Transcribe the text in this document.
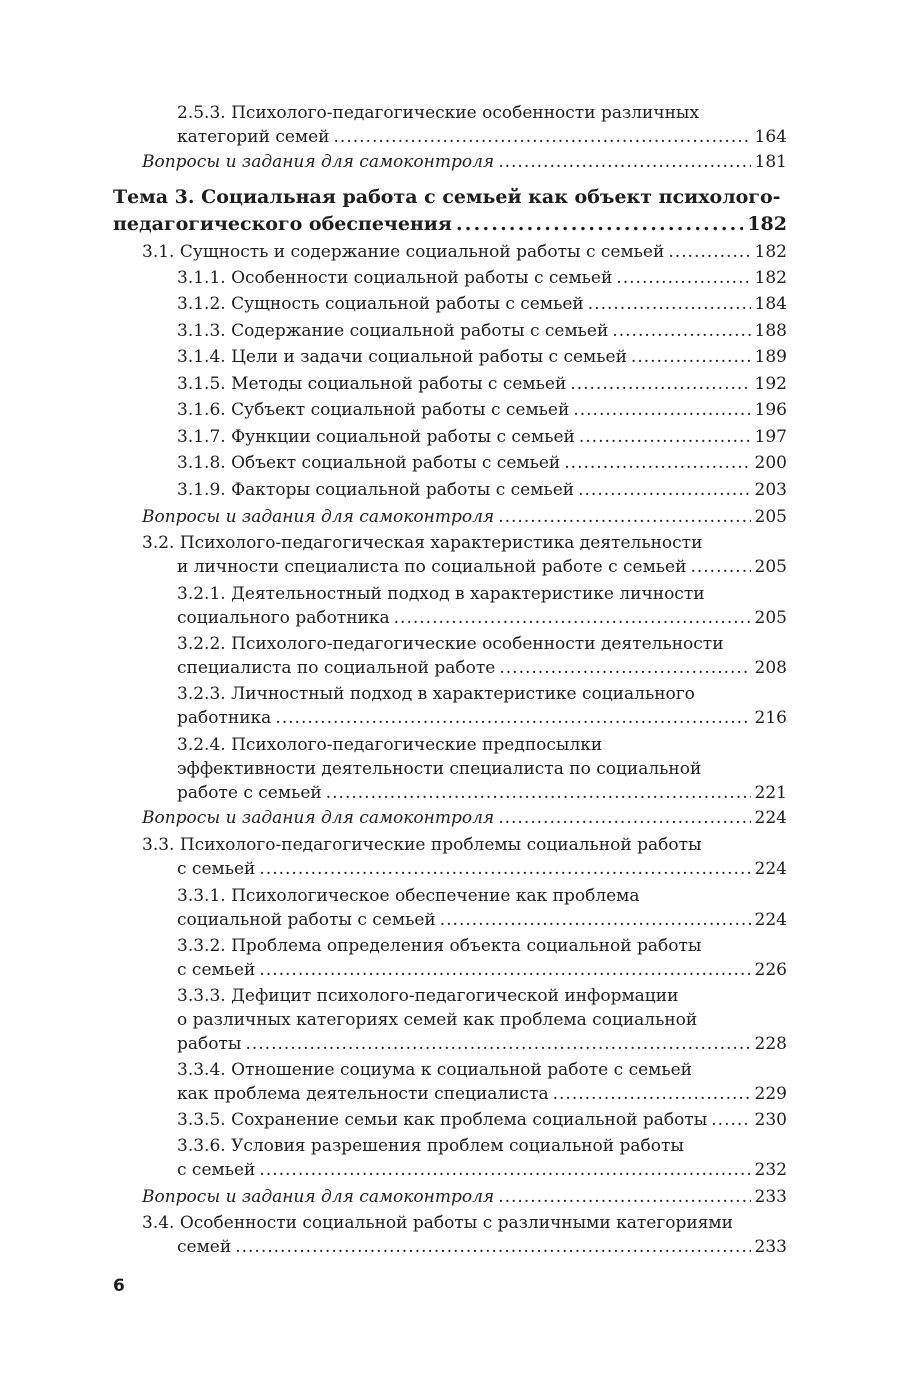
2.5.3. Психолого-педагогические особенности различных
категорий семей . . .	164
Вопросы и задания для самоконтроля . . .	181
Тема 3. Социальная работа с семьей как объект психолого-
педагогического обеспечения . . .	182
3.1. Сущность и содержание социальной работы с семьей . . .	182
3.1.1. Особенности социальной работы с семьей . . .	182
3.1.2. Сущность социальной работы с семьей . . .	184
3.1.3. Содержание социальной работы с семьей . . .	188
3.1.4. Цели и задачи социальной работы с семьей . . .	189
3.1.5. Методы социальной работы с семьей . . .	192
3.1.6. Субъект социальной работы с семьей . . .	196
3.1.7. Функции социальной работы с семьей . . .	197
3.1.8. Объект социальной работы с семьей . . .	200
3.1.9. Факторы социальной работы с семьей . . .	203
Вопросы и задания для самоконтроля . . .	205
3.2. Психолого-педагогическая характеристика деятельности
и личности специалиста по социальной работе с семьей . . .	205
3.2.1. Деятельностный подход в характеристике личности
социального работника . . .	205
3.2.2. Психолого-педагогические особенности деятельности
специалиста по социальной работе . . .	208
3.2.3. Личностный подход в характеристике социального
работника . . .	216
3.2.4. Психолого-педагогические предпосылки
эффективности деятельности специалиста по социальной
работе с семьей . . .	221
Вопросы и задания для самоконтроля . . .	224
3.3. Психолого-педагогические проблемы социальной работы
с семьей . . .	224
3.3.1. Психологическое обеспечение как проблема
социальной работы с семьей . . .	224
3.3.2. Проблема определения объекта социальной работы
с семьей . . .	226
3.3.3. Дефицит психолого-педагогической информации
о различных категориях семей как проблема социальной
работы . . .	228
3.3.4. Отношение социума к социальной работе с семьей
как проблема деятельности специалиста . . .	229
3.3.5. Сохранение семьи как проблема социальной работы . . .	230
3.3.6. Условия разрешения проблем социальной работы
с семьей . . .	232
Вопросы и задания для самоконтроля . . .	233
3.4. Особенности социальной работы с различными категориями
семей . . .	233
6
